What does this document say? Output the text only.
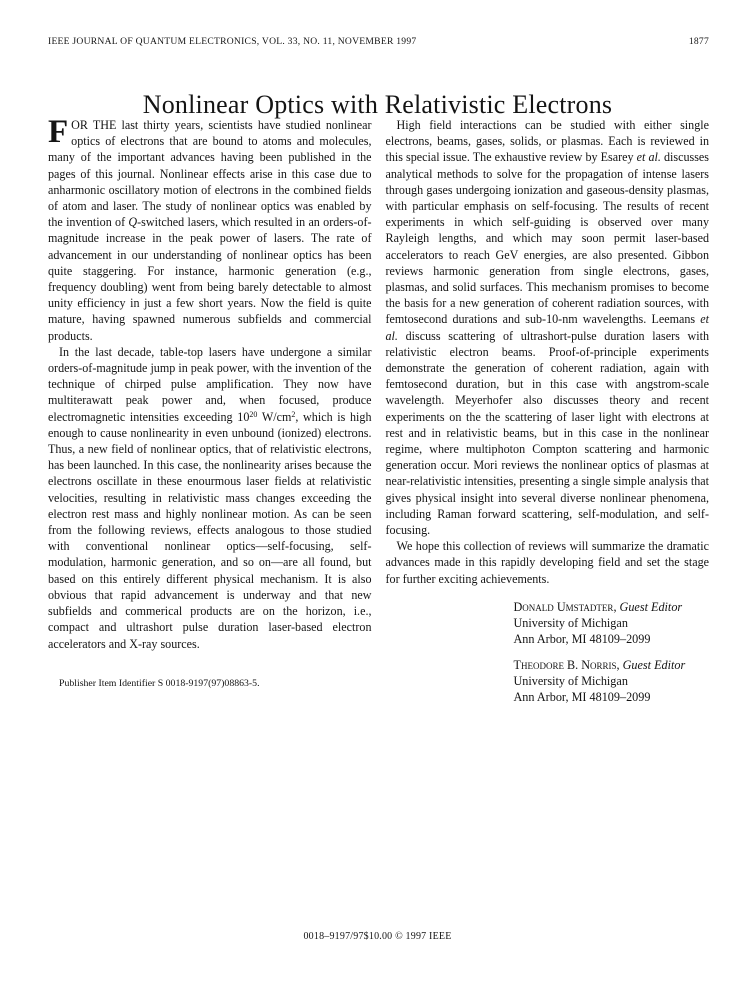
IEEE JOURNAL OF QUANTUM ELECTRONICS, VOL. 33, NO. 11, NOVEMBER 1997	1877
Nonlinear Optics with Relativistic Electrons

FOR THE last thirty years, scientists have studied nonlinear optics of electrons that are bound to atoms and molecules, many of the important advances having been published in the pages of this journal. Nonlinear effects arise in this case due to anharmonic oscillatory motion of electrons in the combined fields of atom and laser. The study of nonlinear optics was enabled by the invention of Q-switched lasers, which resulted in an orders-of-magnitude increase in the peak power of lasers. The rate of advancement in our understanding of nonlinear optics has been quite staggering. For instance, harmonic generation (e.g., frequency doubling) went from being barely detectable to almost unity efficiency in just a few short years. Now the field is quite mature, having spawned numerous subfields and commercial products.

In the last decade, table-top lasers have undergone a similar orders-of-magnitude jump in peak power, with the invention of the technique of chirped pulse amplification. They now have multiterawatt peak power and, when focused, produce electromagnetic intensities exceeding $10^{20}$ $W/cm^2$, which is high enough to cause nonlinearity in even unbound (ionized) electrons. Thus, a new field of nonlinear optics, that of relativistic electrons, has been launched. In this case, the nonlinearity arises because the electrons oscillate in these enourmous laser fields at relativistic velocities, resulting in relativistic mass changes exceeding the electron rest mass and highly nonlinear motion. As can be seen from the following reviews, effects analogous to those studied with conventional nonlinear optics—self-focusing, self-modulation, harmonic generation, and so on—are all found, but based on this entirely different physical mechanism. It is also obvious that rapid advancement is underway and that new subfields and commerical products are on the horizon, i.e., compact and ultrashort pulse duration laser-based electron accelerators and X-ray sources.

Publisher Item Identifier S 0018-9197(97)08863-5.

High field interactions can be studied with either single electrons, beams, gases, solids, or plasmas. Each is reviewed in this special issue. The exhaustive review by Esarey et al. discusses analytical methods to solve for the propagation of intense lasers through gases undergoing ionization and gaseous-density plasmas, with particular emphasis on self-focusing. The results of recent experiments in which self-guiding is observed over many Rayleigh lengths, and which may soon permit laser-based accelerators to reach GeV energies, are also presented. Gibbon reviews harmonic generation from single electrons, gases, plasmas, and solid surfaces. This mechanism promises to become the basis for a new generation of coherent radiation sources, with femtosecond durations and sub-10-nm wavelengths. Leemans et al. discuss scattering of ultrashort-pulse duration lasers with relativistic electron beams. Proof-of-principle experiments demonstrate the generation of coherent radiation, again with femtosecond duration, but in this case with angstrom-scale wavelength. Meyerhofer also discusses theory and recent experiments on the the scattering of laser light with electrons at rest and in relativistic beams, but in this case in the nonlinear regime, where multiphoton Compton scattering and harmonic generation occur. Mori reviews the nonlinear optics of plasmas at near-relativistic intensities, presenting a single simple analysis that gives physical insight into several diverse nonlinear phenomena, including Raman forward scattering, self-modulation, and self-focusing.

We hope this collection of reviews will summarize the dramatic advances made in this rapidly developing field and set the stage for further exciting achievements.

Donald Umstadter, Guest Editor
University of Michigan
Ann Arbor, MI 48109–2099
Theodore B. Norris, Guest Editor
University of Michigan
Ann Arbor, MI 48109–2099
0018–9197/97$10.00 © 1997 IEEE
